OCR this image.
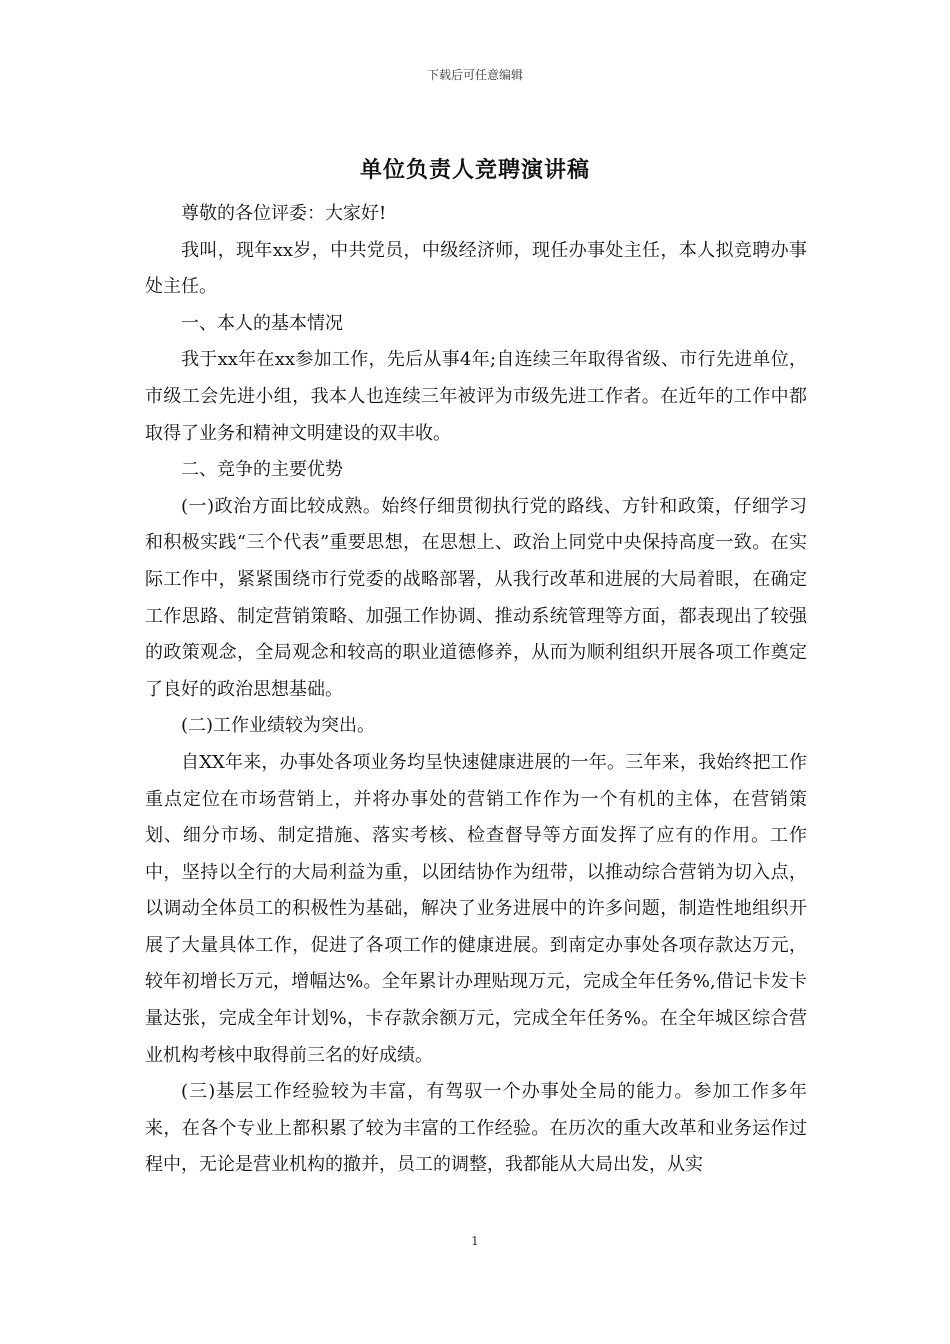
下载后可任意编辑
单位负责人竞聘演讲稿

尊敬的各位评委：大家好!

我叫，现年xx岁，中共党员，中级经济师，现任办事处主任，本人拟竞聘办事处主任。

一、本人的基本情况

我于xx年在xx参加工作，先后从事4年;自连续三年取得省级、市行先进单位，市级工会先进小组，我本人也连续三年被评为市级先进工作者。在近年的工作中都取得了业务和精神文明建设的双丰收。

二、竞争的主要优势

(一)政治方面比较成熟。始终仔细贯彻执行党的路线、方针和政策，仔细学习和积极实践“三个代表”重要思想，在思想上、政治上同党中央保持高度一致。在实际工作中，紧紧围绕市行党委的战略部署，从我行改革和进展的大局着眼，在确定工作思路、制定营销策略、加强工作协调、推动系统管理等方面，都表现出了较强的政策观念，全局观念和较高的职业道德修养，从而为顺利组织开展各项工作奠定了良好的政治思想基础。

(二)工作业绩较为突出。

自XX年来，办事处各项业务均呈快速健康进展的一年。三年来，我始终把工作重点定位在市场营销上，并将办事处的营销工作作为一个有机的主体，在营销策划、细分市场、制定措施、落实考核、检查督导等方面发挥了应有的作用。工作中，坚持以全行的大局利益为重，以团结协作为纽带，以推动综合营销为切入点，以调动全体员工的积极性为基础，解决了业务进展中的许多问题，制造性地组织开展了大量具体工作，促进了各项工作的健康进展。到南定办事处各项存款达万元，较年初增长万元，增幅达%。全年累计办理贴现万元，完成全年任务%,借记卡发卡量达张，完成全年计划%，卡存款余额万元，完成全年任务%。在全年城区综合营业机构考核中取得前三名的好成绩。

(三)基层工作经验较为丰富，有驾驭一个办事处全局的能力。参加工作多年来，在各个专业上都积累了较为丰富的工作经验。在历次的重大改革和业务运作过程中，无论是营业机构的撤并，员工的调整，我都能从大局出发，从实

1
